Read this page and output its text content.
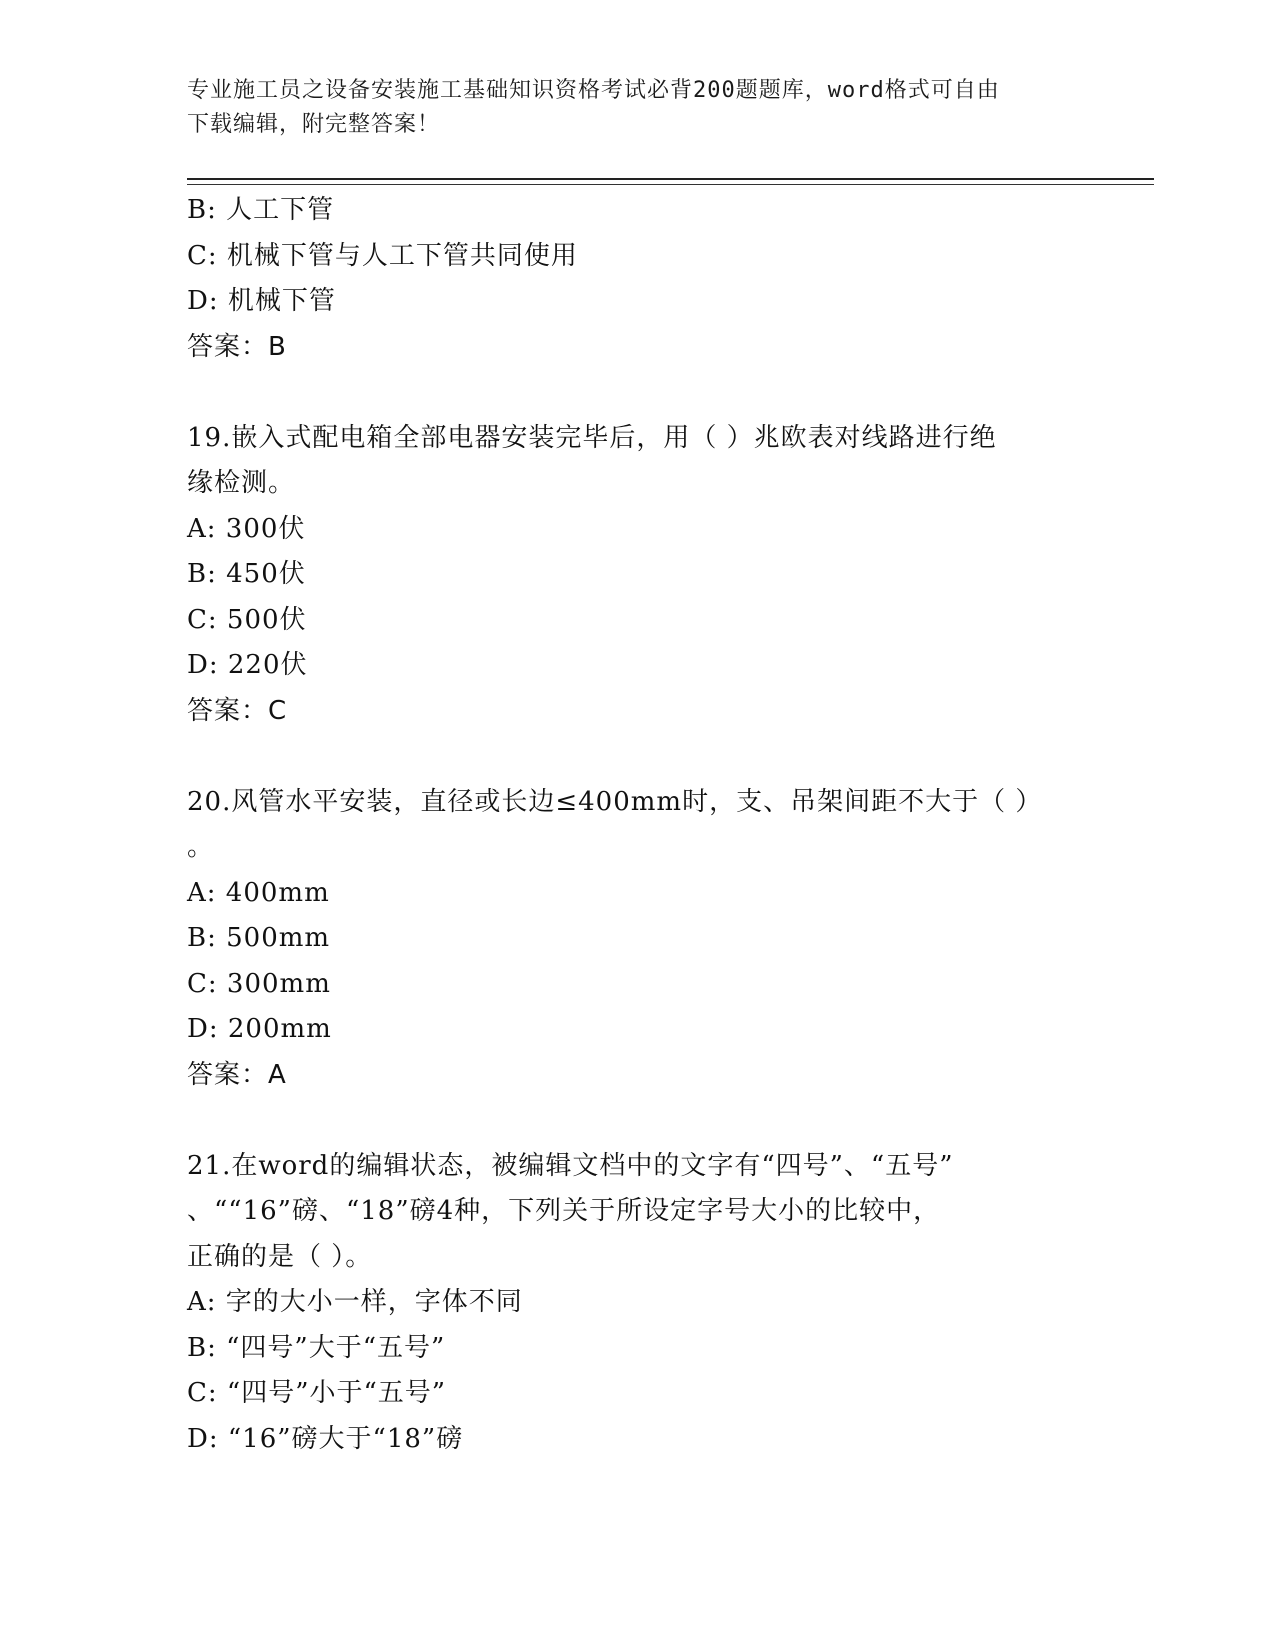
专业施工员之设备安装施工基础知识资格考试必背200题题库，word格式可自由
下载编辑，附完整答案！
B: 人工下管
C: 机械下管与人工下管共同使用
D: 机械下管
答案：B
19.嵌入式配电箱全部电器安装完毕后，用（ ）兆欧表对线路进行绝
缘检测。
A: 300伏
B: 450伏
C: 500伏
D: 220伏
答案：C
20.风管水平安装，直径或长边≤400mm时，支、吊架间距不大于（ ）
。
A: 400mm
B: 500mm
C: 300mm
D: 200mm
答案：A
21.在word的编辑状态，被编辑文档中的文字有“四号”、“五号”
、““16”磅、“18”磅4种，下列关于所设定字号大小的比较中，
正确的是（ ）。
A: 字的大小一样，字体不同
B: “四号”大于“五号”
C: “四号”小于“五号”
D: “16”磅大于“18”磅
